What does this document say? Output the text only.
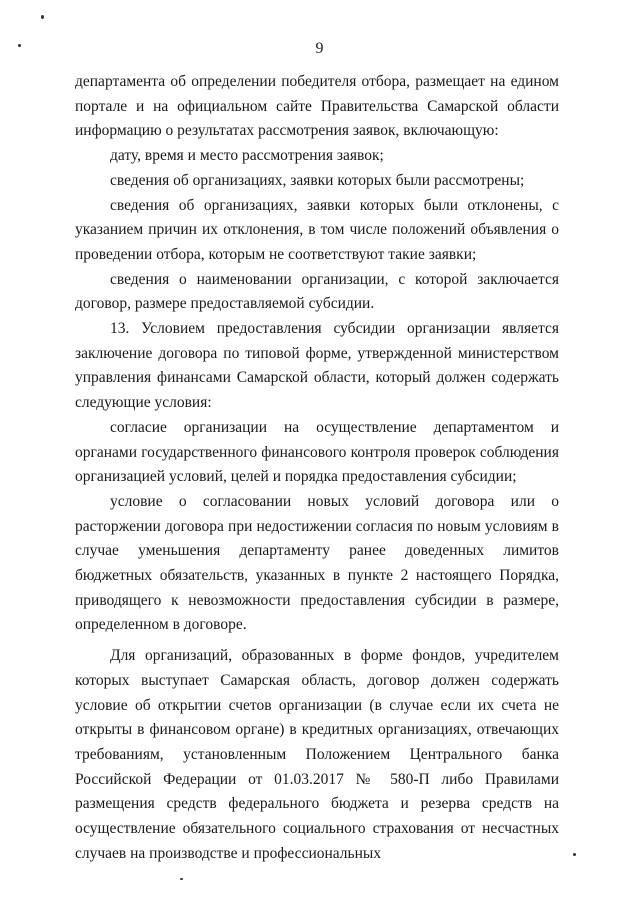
9

департамента об определении победителя отбора, размещает на едином портале и на официальном сайте Правительства Самарской области информацию о результатах рассмотрения заявок, включающую:

дату, время и место рассмотрения заявок;

сведения об организациях, заявки которых были рассмотрены;

сведения об организациях, заявки которых были отклонены, с указанием причин их отклонения, в том числе положений объявления о проведении отбора, которым не соответствуют такие заявки;

сведения о наименовании организации, с которой заключается договор, размере предоставляемой субсидии.

13. Условием предоставления субсидии организации является заключение договора по типовой форме, утвержденной министерством управления финансами Самарской области, который должен содержать следующие условия:

согласие организации на осуществление департаментом и органами государственного финансового контроля проверок соблюдения организацией условий, целей и порядка предоставления субсидии;

условие о согласовании новых условий договора или о расторжении договора при недостижении согласия по новым условиям в случае уменьшения департаменту ранее доведенных лимитов бюджетных обязательств, указанных в пункте 2 настоящего Порядка, приводящего к невозможности предоставления субсидии в размере, определенном в договоре.

Для организаций, образованных в форме фондов, учредителем которых выступает Самарская область, договор должен содержать условие об открытии счетов организации (в случае если их счета не открыты в финансовом органе) в кредитных организациях, отвечающих требованиям, установленным Положением Центрального банка Российской Федерации от 01.03.2017 № 580-П либо Правилами размещения средств федерального бюджета и резерва средств на осуществление обязательного социального страхования от несчастных случаев на производстве и профессиональных
